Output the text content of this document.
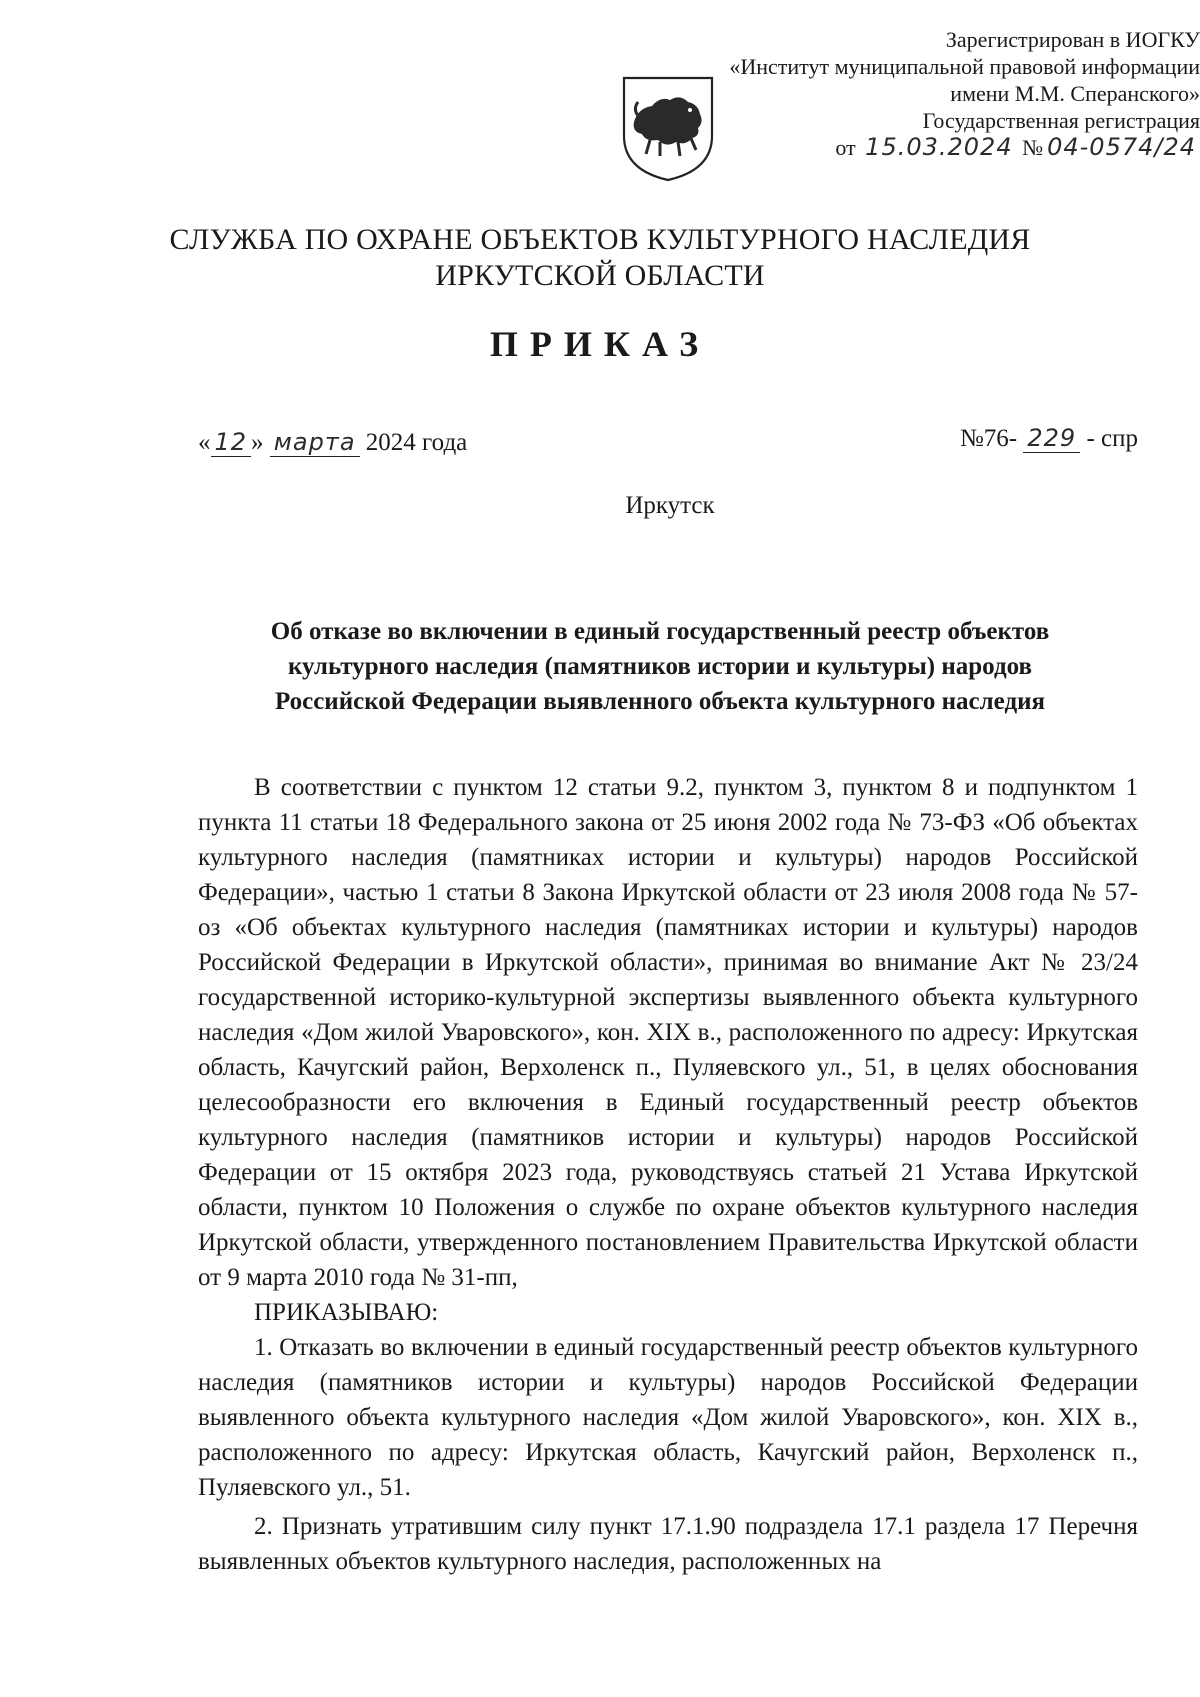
Зарегистрирован в ИОГКУ
«Институт муниципальной правовой информации
имени М.М. Сперанского»
Государственная регистрация
от 15.03.2024 № 04-0574/24
СЛУЖБА ПО ОХРАНЕ ОБЪЕКТОВ КУЛЬТУРНОГО НАСЛЕДИЯ
ИРКУТСКОЙ ОБЛАСТИ
ПРИКАЗ
« 12 » марта 2024 года	№76- 229 - спр
Иркутск
Об отказе во включении в единый государственный реестр объектов
культурного наследия (памятников истории и культуры) народов
Российской Федерации выявленного объекта культурного наследия

В соответствии с пунктом 12 статьи 9.2, пунктом 3, пунктом 8 и подпунктом 1 пункта 11 статьи 18 Федерального закона от 25 июня 2002 года № 73-ФЗ «Об объектах культурного наследия (памятниках истории и культуры) народов Российской Федерации», частью 1 статьи 8 Закона Иркутской области от 23 июля 2008 года № 57-оз «Об объектах культурного наследия (памятниках истории и культуры) народов Российской Федерации в Иркутской области», принимая во внимание Акт № 23/24 государственной историко-культурной экспертизы выявленного объекта культурного наследия «Дом жилой Уваровского», кон. XIX в., расположенного по адресу: Иркутская область, Качугский район, Верхоленск п., Пуляевского ул., 51, в целях обоснования целесообразности его включения в Единый государственный реестр объектов культурного наследия (памятников истории и культуры) народов Российской Федерации от 15 октября 2023 года, руководствуясь статьей 21 Устава Иркутской области, пунктом 10 Положения о службе по охране объектов культурного наследия Иркутской области, утвержденного постановлением Правительства Иркутской области от 9 марта 2010 года № 31-пп,

ПРИКАЗЫВАЮ:

1. Отказать во включении в единый государственный реестр объектов культурного наследия (памятников истории и культуры) народов Российской Федерации выявленного объекта культурного наследия «Дом жилой Уваровского», кон. XIX в., расположенного по адресу: Иркутская область, Качугский район, Верхоленск п., Пуляевского ул., 51.

2. Признать утратившим силу пункт 17.1.90 подраздела 17.1 раздела 17 Перечня выявленных объектов культурного наследия, расположенных на
